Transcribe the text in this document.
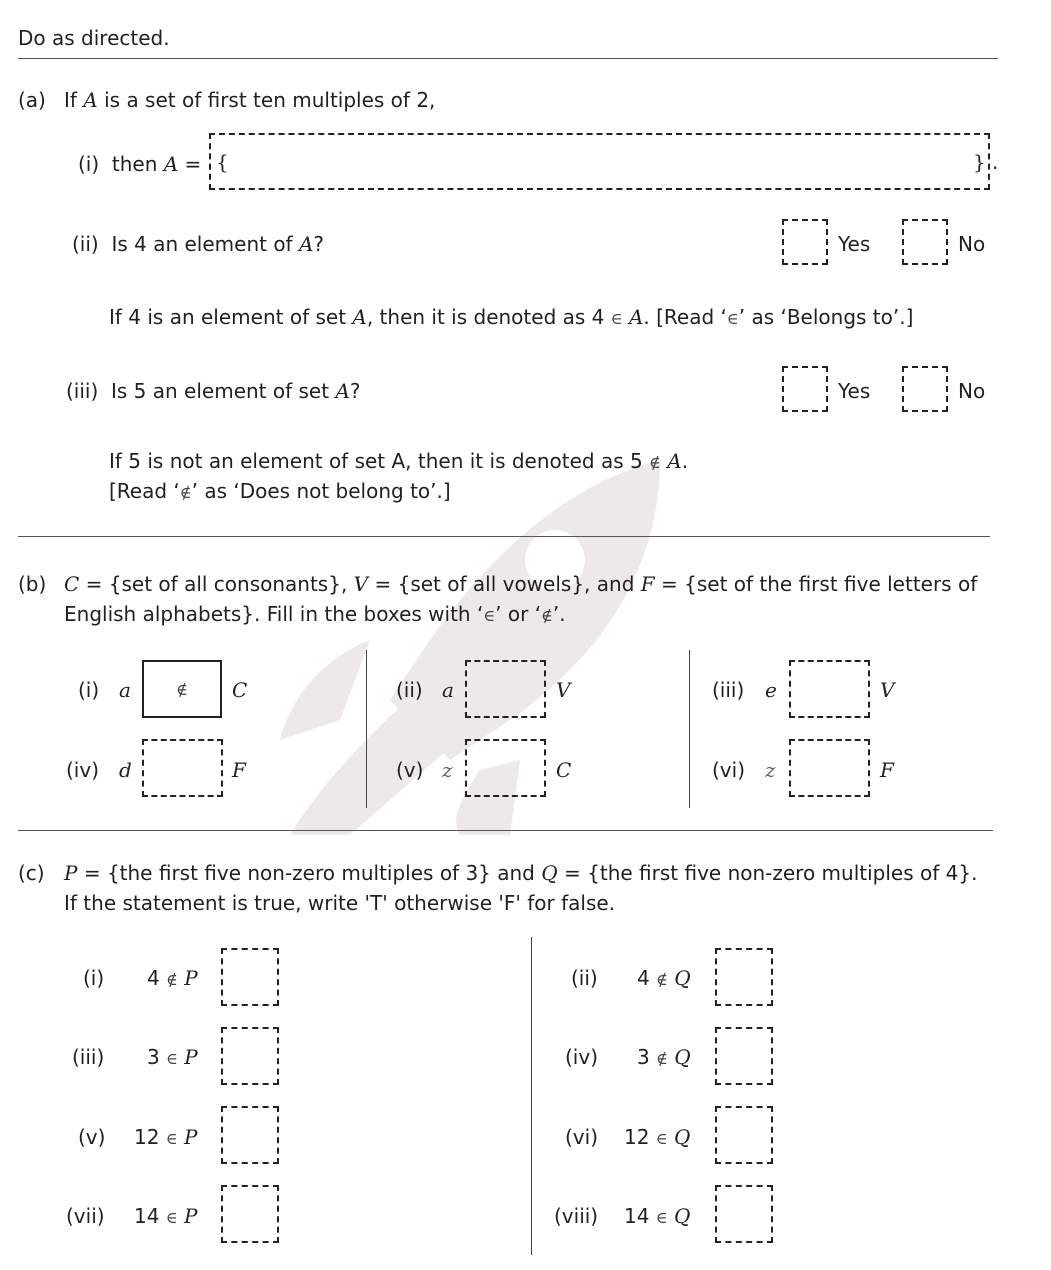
Do as directed.
(a) If A is a set of first ten multiples of 2,
(i) then A = {	} .
(ii) Is 4 an element of A?	Yes	No
If 4 is an element of set A, then it is denoted as 4 ∈ A. [Read ‘∈’ as ‘Belongs to’.]
(iii) Is 5 an element of set A?	Yes	No
If 5 is not an element of set A, then it is denoted as 5 ∉ A.
[Read ‘∉’ as ‘Does not belong to’.]
(b) C = {set of all consonants}, V = {set of all vowels}, and F = {set of the first five letters of
English alphabets}. Fill in the boxes with ‘∈’ or ‘∉’.
(i) a	∉ C	(ii) a	V	(iii) e	V
(iv) d	F	(v) z	C	(vi) z	F
(c) P = {the first five non-zero multiples of 3} and Q = {the first five non-zero multiples of 4}.
If the statement is true, write 'T' otherwise 'F' for false.
(i) 4 ∉ P
(iii) 3 ∈ P
(v) 12 ∈ P
(vii) 14 ∈ P
(ii) 4 ∉ Q
(iv) 3 ∉ Q
(vi) 12 ∈ Q
(viii) 14 ∈ Q
